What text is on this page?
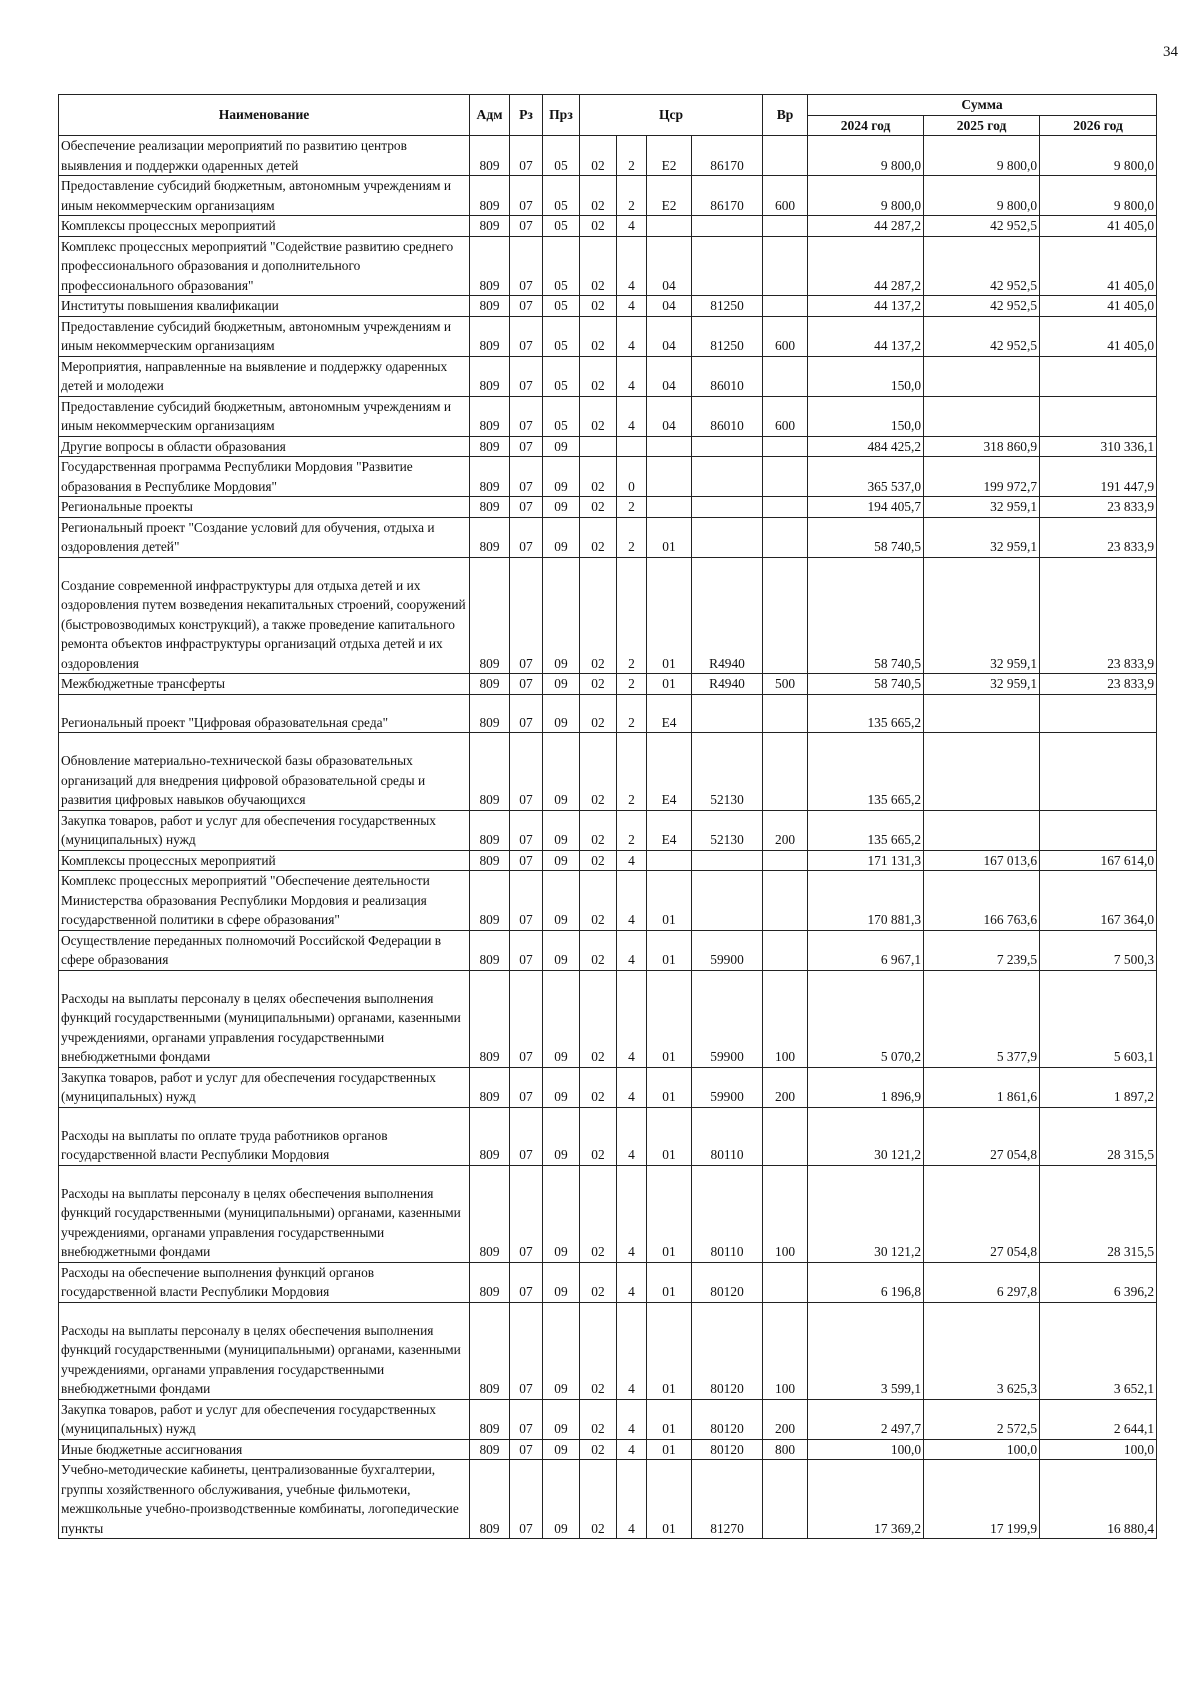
34
Наименование	Адм	Рз	Прз	Цср				Вр	Сумма		
									2024 год	2025 год	2026 год
Обеспечение реализации мероприятий по развитию центров выявления и поддержки одаренных детей	809	07	05	02	2	Е2	86170		9 800,0	9 800,0	9 800,0
Предоставление субсидий бюджетным, автономным учреждениям и иным некоммерческим организациям	809	07	05	02	2	Е2	86170	600	9 800,0	9 800,0	9 800,0
Комплексы процессных мероприятий	809	07	05	02	4				44 287,2	42 952,5	41 405,0
Комплекс процессных мероприятий "Содействие развитию среднего профессионального образования и дополнительного профессионального образования"	809	07	05	02	4	04			44 287,2	42 952,5	41 405,0
Институты повышения квалификации	809	07	05	02	4	04	81250		44 137,2	42 952,5	41 405,0
Предоставление субсидий бюджетным, автономным учреждениям и иным некоммерческим организациям	809	07	05	02	4	04	81250	600	44 137,2	42 952,5	41 405,0
Мероприятия, направленные на выявление и поддержку одаренных детей и молодежи	809	07	05	02	4	04	86010		150,0		
Предоставление субсидий бюджетным, автономным учреждениям и иным некоммерческим организациям	809	07	05	02	4	04	86010	600	150,0		
Другие вопросы в области образования	809	07	09						484 425,2	318 860,9	310 336,1
Государственная программа Республики Мордовия "Развитие образования в Республике Мордовия"	809	07	09	02	0				365 537,0	199 972,7	191 447,9
Региональные проекты	809	07	09	02	2				194 405,7	32 959,1	23 833,9
Региональный проект "Создание условий для обучения, отдыха и оздоровления детей"	809	07	09	02	2	01			58 740,5	32 959,1	23 833,9
Создание современной инфраструктуры для отдыха детей и их оздоровления путем возведения некапитальных строений, сооружений (быстровозводимых конструкций), а также проведение капитального ремонта объектов инфраструктуры организаций отдыха детей и их оздоровления	809	07	09	02	2	01	R4940		58 740,5	32 959,1	23 833,9
Межбюджетные трансферты	809	07	09	02	2	01	R4940	500	58 740,5	32 959,1	23 833,9
Региональный проект "Цифровая образовательная среда"	809	07	09	02	2	Е4			135 665,2		
Обновление материально-технической базы образовательных организаций для внедрения цифровой образовательной среды и развития цифровых навыков обучающихся	809	07	09	02	2	Е4	52130		135 665,2		
Закупка товаров, работ и услуг для обеспечения государственных (муниципальных) нужд	809	07	09	02	2	Е4	52130	200	135 665,2		
Комплексы процессных мероприятий	809	07	09	02	4				171 131,3	167 013,6	167 614,0
Комплекс процессных мероприятий "Обеспечение деятельности Министерства образования Республики Мордовия и реализация государственной политики в сфере образования"	809	07	09	02	4	01			170 881,3	166 763,6	167 364,0
Осуществление переданных полномочий Российской Федерации в сфере образования	809	07	09	02	4	01	59900		6 967,1	7 239,5	7 500,3
Расходы на выплаты персоналу в целях обеспечения выполнения функций государственными (муниципальными) органами, казенными учреждениями, органами управления государственными внебюджетными фондами	809	07	09	02	4	01	59900	100	5 070,2	5 377,9	5 603,1
Закупка товаров, работ и услуг для обеспечения государственных (муниципальных) нужд	809	07	09	02	4	01	59900	200	1 896,9	1 861,6	1 897,2
Расходы на выплаты по оплате труда работников органов государственной власти Республики Мордовия	809	07	09	02	4	01	80110		30 121,2	27 054,8	28 315,5
Расходы на выплаты персоналу в целях обеспечения выполнения функций государственными (муниципальными) органами, казенными учреждениями, органами управления государственными внебюджетными фондами	809	07	09	02	4	01	80110	100	30 121,2	27 054,8	28 315,5
Расходы на обеспечение выполнения функций органов государственной власти Республики Мордовия	809	07	09	02	4	01	80120		6 196,8	6 297,8	6 396,2
Расходы на выплаты персоналу в целях обеспечения выполнения функций государственными (муниципальными) органами, казенными учреждениями, органами управления государственными внебюджетными фондами	809	07	09	02	4	01	80120	100	3 599,1	3 625,3	3 652,1
Закупка товаров, работ и услуг для обеспечения государственных (муниципальных) нужд	809	07	09	02	4	01	80120	200	2 497,7	2 572,5	2 644,1
Иные бюджетные ассигнования	809	07	09	02	4	01	80120	800	100,0	100,0	100,0
Учебно-методические кабинеты, централизованные бухгалтерии, группы хозяйственного обслуживания, учебные фильмотеки, межшкольные учебно-производственные комбинаты, логопедические пункты	809	07	09	02	4	01	81270		17 369,2	17 199,9	16 880,4
